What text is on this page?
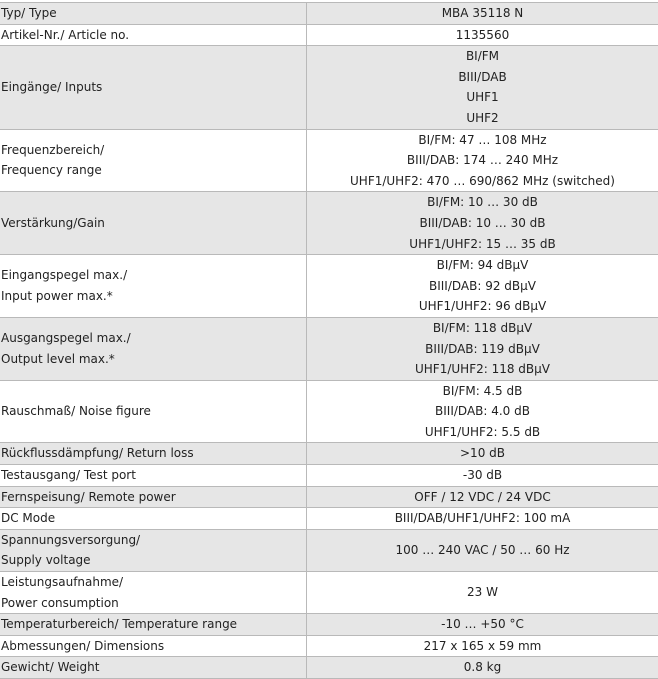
Typ/ Type	MBA 35118 N

Artikel-Nr./ Article no.	1135560

Eingänge/ Inputs	BI/FM
BIII/DAB
UHF1
UHF2

Frequenzbereich/
Frequency range	BI/FM: 47 … 108 MHz
BIII/DAB: 174 … 240 MHz
UHF1/UHF2: 470 … 690/862 MHz (switched)

Verstärkung/Gain	BI/FM: 10 … 30 dB
BIII/DAB: 10 … 30 dB
UHF1/UHF2: 15 … 35 dB

Eingangspegel max./
Input power max.*	BI/FM: 94 dBµV
BIII/DAB: 92 dBµV
UHF1/UHF2: 96 dBµV

Ausgangspegel max./
Output level max.*	BI/FM: 118 dBµV
BIII/DAB: 119 dBµV
UHF1/UHF2: 118 dBµV

Rauschmaß/ Noise figure	BI/FM: 4.5 dB
BIII/DAB: 4.0 dB
UHF1/UHF2: 5.5 dB

Rückflussdämpfung/ Return loss	>10 dB

Testausgang/ Test port	-30 dB

Fernspeisung/ Remote power	OFF / 12 VDC / 24 VDC

DC Mode	BIII/DAB/UHF1/UHF2: 100 mA

Spannungsversorgung/
Supply voltage	100 … 240 VAC / 50 … 60 Hz

Leistungsaufnahme/
Power consumption	23 W

Temperaturbereich/ Temperature range	-10 … +50 °C

Abmessungen/ Dimensions	217 x 165 x 59 mm

Gewicht/ Weight	0.8 kg
